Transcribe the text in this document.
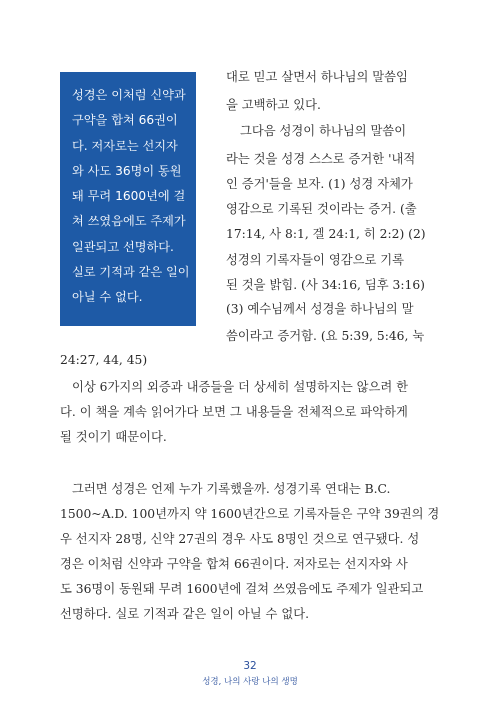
성경은 이처럼 신약과
구약을 합쳐 66권이
다. 저자로는 선지자
와 사도 36명이 동원
돼 무려 1600년에 걸
쳐 쓰였음에도 주제가
일관되고 선명하다.
실로 기적과 같은 일이
아닐 수 없다.
대로 믿고 살면서 하나님의 말씀임
을 고백하고 있다.
그다음 성경이 하나님의 말씀이
라는 것을 성경 스스로 증거한 '내적
인 증거'들을 보자. (1) 성경 자체가
영감으로 기록된 것이라는 증거. (출
17:14, 사 8:1, 겔 24:1, 히 2:2) (2)
성경의 기록자들이 영감으로 기록
된 것을 밝힘. (사 34:16, 딤후 3:16)
(3) 예수님께서 성경을 하나님의 말
씀이라고 증거함. (요 5:39, 5:46, 눅
24:27, 44, 45)
이상 6가지의 외증과 내증들을 더 상세히 설명하지는 않으려 한
다. 이 책을 계속 읽어가다 보면 그 내용들을 전체적으로 파악하게
될 것이기 때문이다.
그러면 성경은 언제 누가 기록했을까. 성경기록 연대는 B.C.
1500~A.D. 100년까지 약 1600년간으로 기록자들은 구약 39권의 경
우 선지자 28명, 신약 27권의 경우 사도 8명인 것으로 연구됐다. 성
경은 이처럼 신약과 구약을 합쳐 66권이다. 저자로는 선지자와 사
도 36명이 동원돼 무려 1600년에 걸쳐 쓰였음에도 주제가 일관되고
선명하다. 실로 기적과 같은 일이 아닐 수 없다.
32
성경, 나의 사랑 나의 생명
